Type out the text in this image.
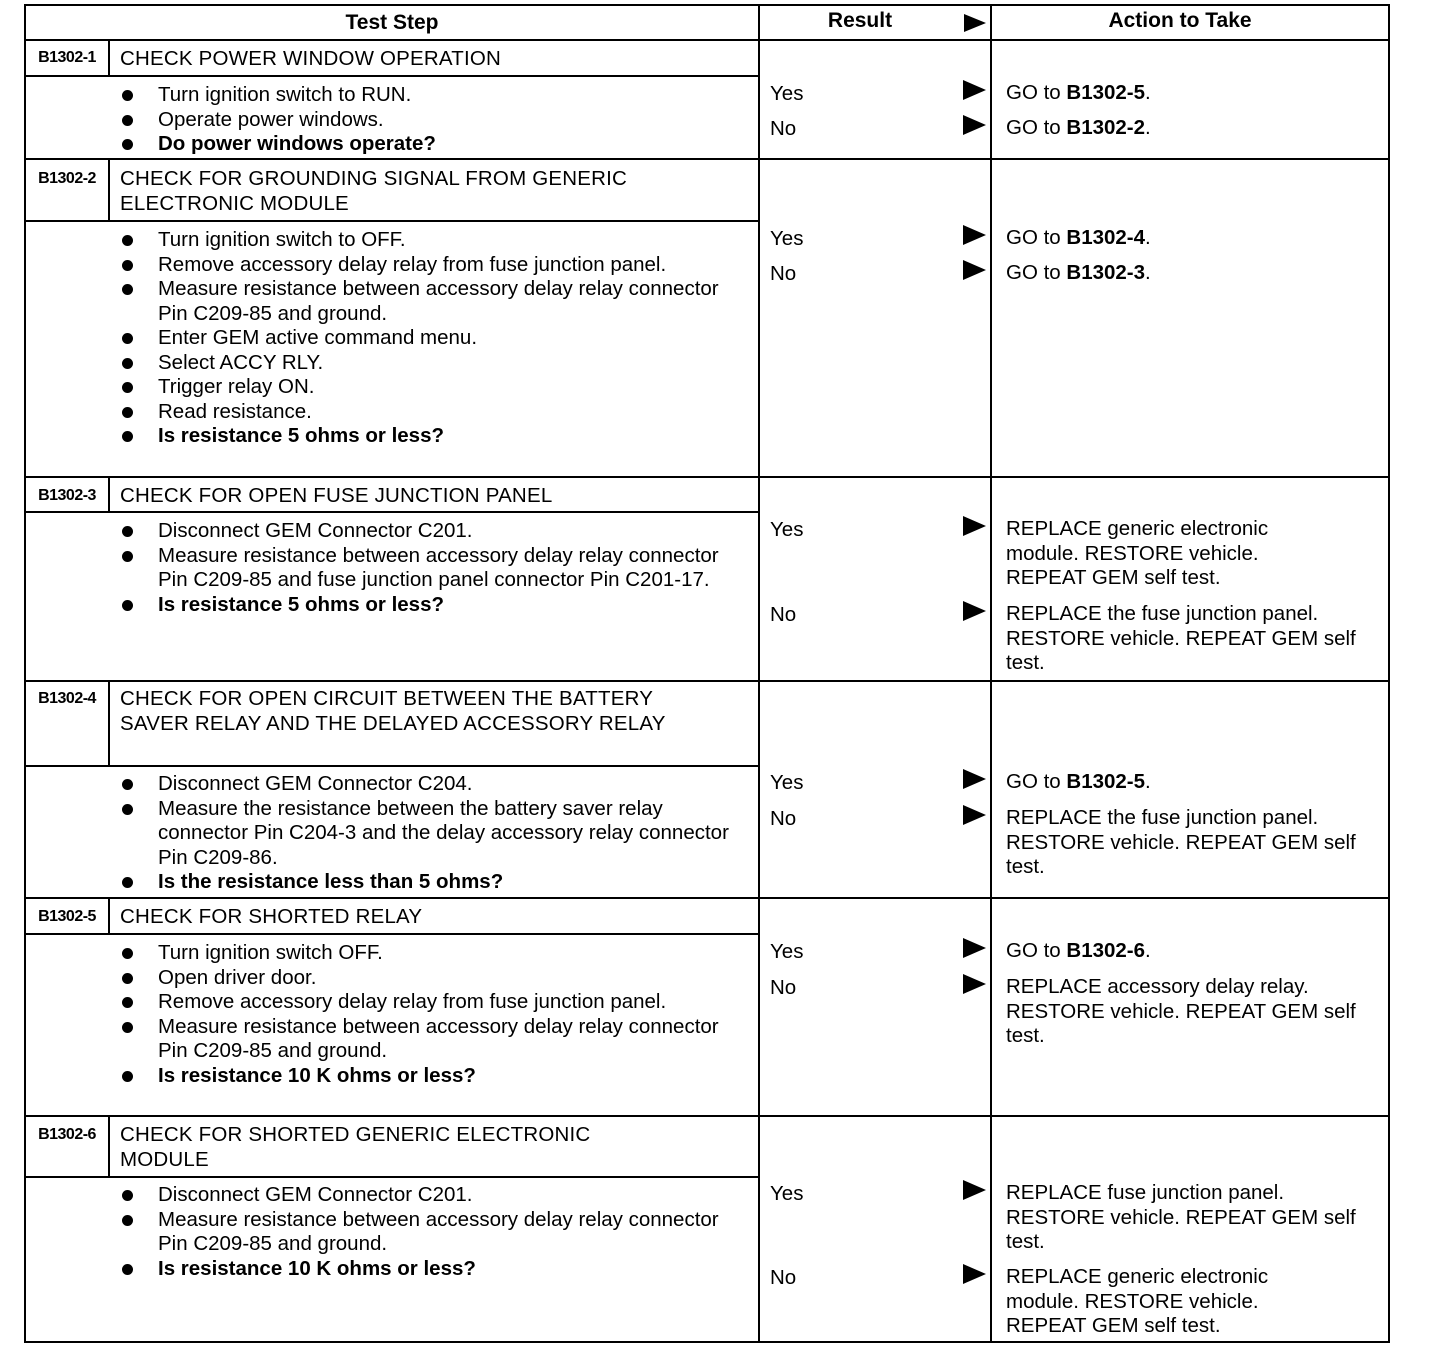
Test Step	Result	Action to Take
B1302-1	CHECK POWER WINDOW OPERATION
Turn ignition switch to RUN.
Operate power windows.
Do power windows operate?
Yes	GO to B1302-5.
No	GO to B1302-2.
B1302-2	CHECK FOR GROUNDING SIGNAL FROM GENERIC ELECTRONIC MODULE
Turn ignition switch to OFF.
Remove accessory delay relay from fuse junction panel.
Measure resistance between accessory delay relay connector Pin C209-85 and ground.
Enter GEM active command menu.
Select ACCY RLY.
Trigger relay ON.
Read resistance.
Is resistance 5 ohms or less?
Yes	GO to B1302-4.
No	GO to B1302-3.
B1302-3	CHECK FOR OPEN FUSE JUNCTION PANEL
Disconnect GEM Connector C201.
Measure resistance between accessory delay relay connector Pin C209-85 and fuse junction panel connector Pin C201-17.
Is resistance 5 ohms or less?
Yes	REPLACE generic electronic module. RESTORE vehicle. REPEAT GEM self test.
No	REPLACE the fuse junction panel. RESTORE vehicle. REPEAT GEM self test.
B1302-4	CHECK FOR OPEN CIRCUIT BETWEEN THE BATTERY SAVER RELAY AND THE DELAYED ACCESSORY RELAY
Disconnect GEM Connector C204.
Measure the resistance between the battery saver relay connector Pin C204-3 and the delay accessory relay connector Pin C209-86.
Is the resistance less than 5 ohms?
Yes	GO to B1302-5.
No	REPLACE the fuse junction panel. RESTORE vehicle. REPEAT GEM self test.
B1302-5	CHECK FOR SHORTED RELAY
Turn ignition switch OFF.
Open driver door.
Remove accessory delay relay from fuse junction panel.
Measure resistance between accessory delay relay connector Pin C209-85 and ground.
Is resistance 10 K ohms or less?
Yes	GO to B1302-6.
No	REPLACE accessory delay relay. RESTORE vehicle. REPEAT GEM self test.
B1302-6	CHECK FOR SHORTED GENERIC ELECTRONIC MODULE
Disconnect GEM Connector C201.
Measure resistance between accessory delay relay connector Pin C209-85 and ground.
Is resistance 10 K ohms or less?
Yes	REPLACE fuse junction panel. RESTORE vehicle. REPEAT GEM self test.
No	REPLACE generic electronic module. RESTORE vehicle. REPEAT GEM self test.
